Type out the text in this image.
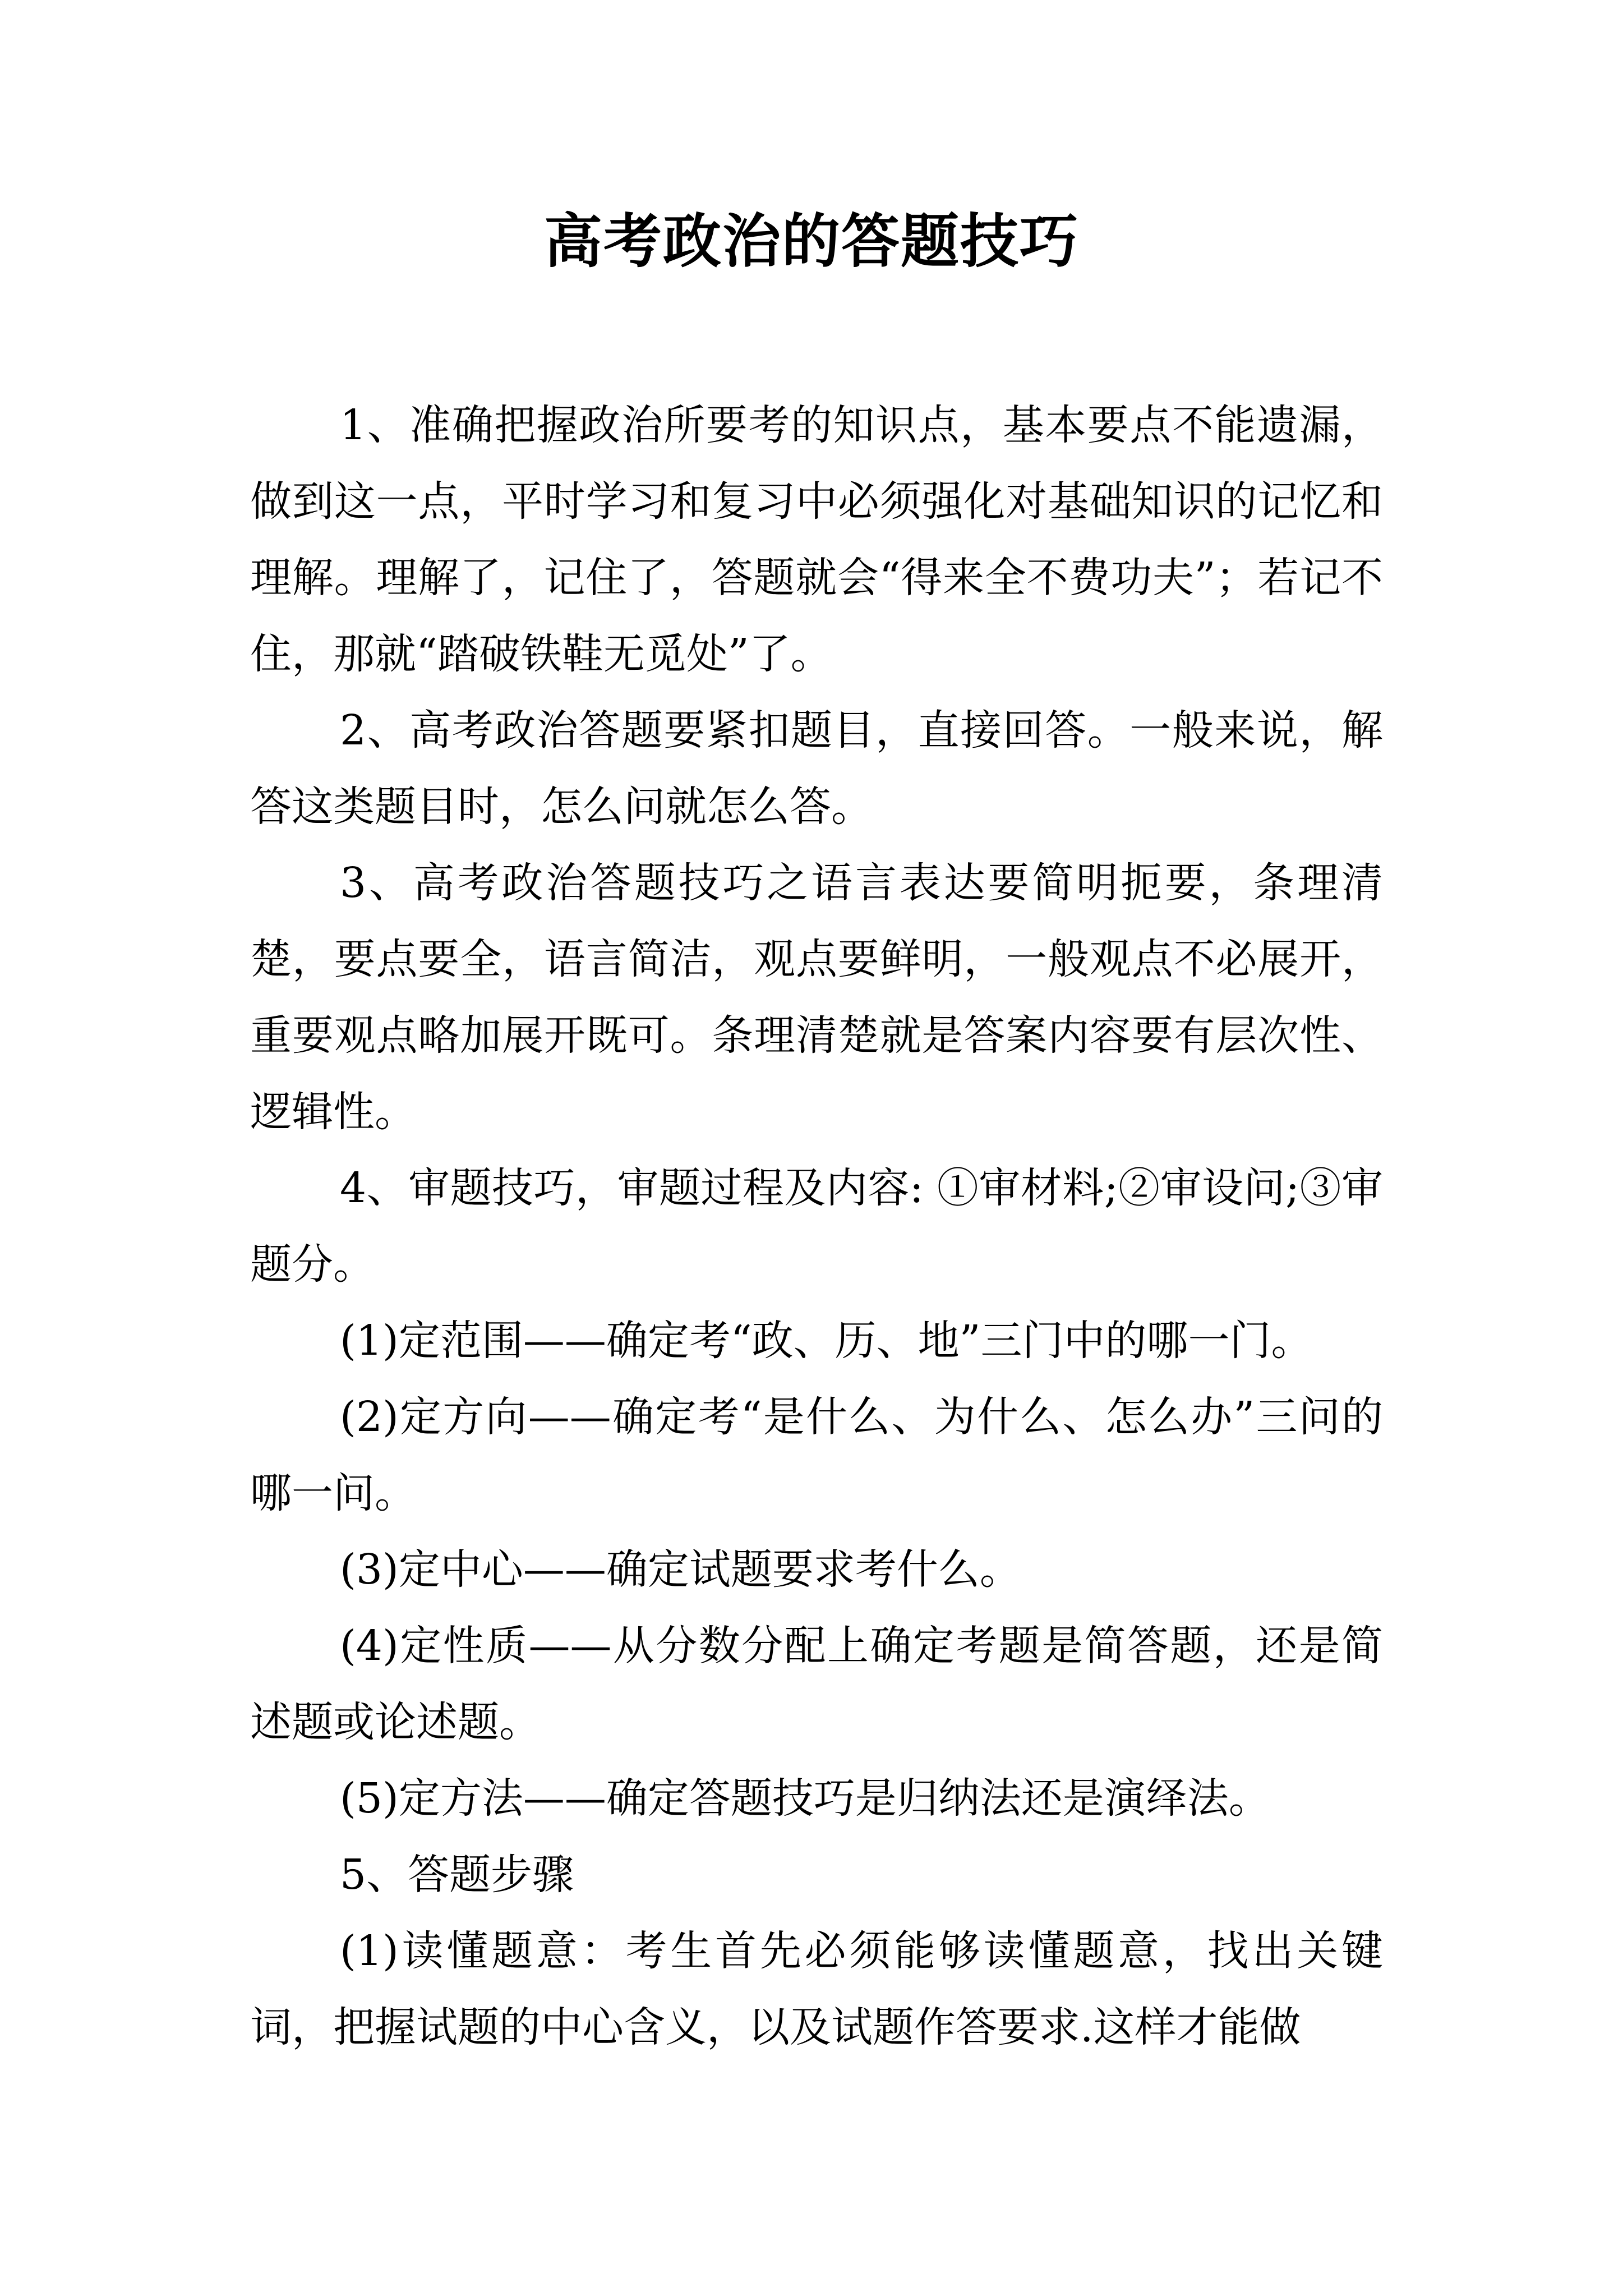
高考政治的答题技巧

1、准确把握政治所要考的知识点，基本要点不能遗漏，做到这一点，平时学习和复习中必须强化对基础知识的记忆和理解。理解了，记住了，答题就会“得来全不费功夫”；若记不住，那就“踏破铁鞋无觅处”了。

2、高考政治答题要紧扣题目，直接回答。一般来说，解答这类题目时，怎么问就怎么答。

3、高考政治答题技巧之语言表达要简明扼要，条理清楚，要点要全，语言简洁，观点要鲜明，一般观点不必展开，重要观点略加展开既可。条理清楚就是答案内容要有层次性、逻辑性。

4、审题技巧，审题过程及内容: ①审材料;②审设问;③审题分。

(1)定范围——确定考“政、历、地”三门中的哪一门。

(2)定方向——确定考“是什么、为什么、怎么办”三问的哪一问。

(3)定中心——确定试题要求考什么。

(4)定性质——从分数分配上确定考题是简答题，还是简述题或论述题。

(5)定方法——确定答题技巧是归纳法还是演绎法。

5、答题步骤

(1)读懂题意：考生首先必须能够读懂题意，找出关键词，把握试题的中心含义，以及试题作答要求.这样才能做
